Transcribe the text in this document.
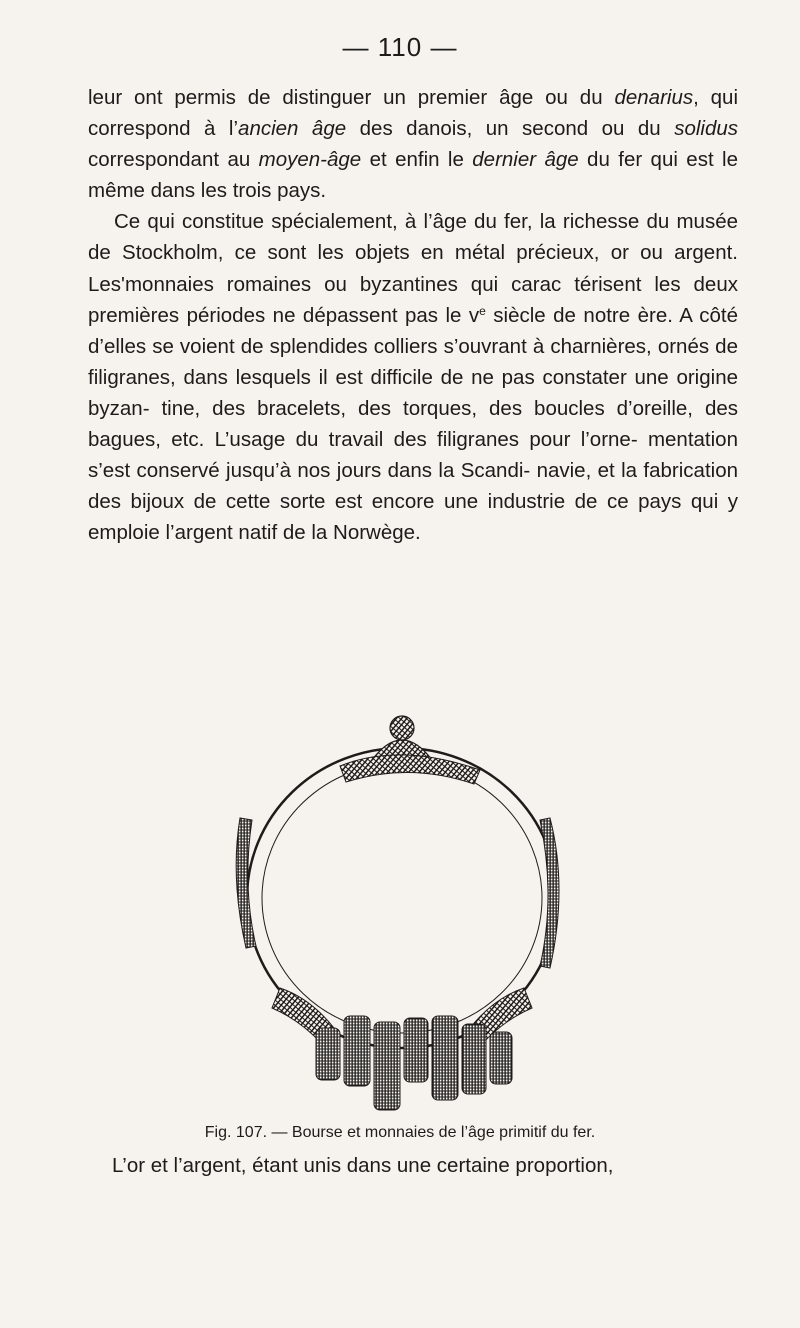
— 110 —

leur ont permis de distinguer un premier âge ou du denarius, qui correspond à l’ancien âge des danois, un second ou du solidus correspondant au moyen-âge et enfin le dernier âge du fer qui est le même dans les trois pays.

Ce qui constitue spécialement, à l’âge du fer, la richesse du musée de Stockholm, ce sont les objets en métal précieux, or ou argent. Les'monnaies romaines ou byzantines qui carac térisent les deux premières périodes ne dépassent pas le $v^e$ siècle de notre ère. A côté d’elles se voient de splendides colliers s’ouvrant à charnières, ornés de filigranes, dans lesquels il est difficile de ne pas constater une origine byzan- tine, des bracelets, des torques, des boucles d’oreille, des bagues, etc. L’usage du travail des filigranes pour l’orne- mentation s’est conservé jusqu’à nos jours dans la Scandi- navie, et la fabrication des bijoux de cette sorte est encore une industrie de ce pays qui y emploie l’argent natif de la Norwège.

Fig. 107. — Bourse et monnaies de l’âge primitif du fer.
L’or et l’argent, étant unis dans une certaine proportion,
